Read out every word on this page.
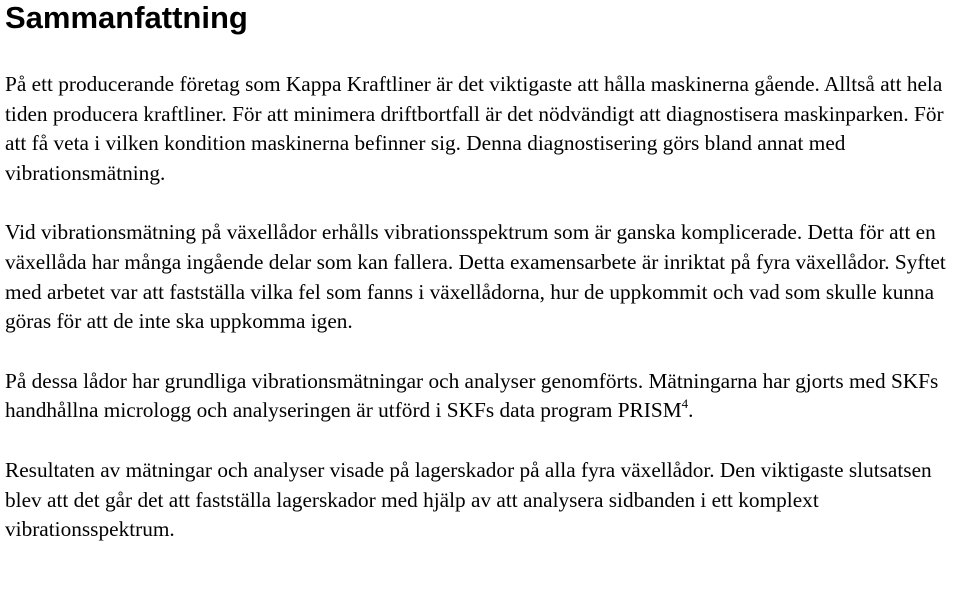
Sammanfattning

På ett producerande företag som Kappa Kraftliner är det viktigaste att hålla maskinerna gående. Alltså att hela tiden producera kraftliner. För att minimera driftbortfall är det nödvändigt att diagnostisera maskinparken. För att få veta i vilken kondition maskinerna befinner sig. Denna diagnostisering görs bland annat med vibrationsmätning.

Vid vibrationsmätning på växellådor erhålls vibrationsspektrum som är ganska komplicerade. Detta för att en växellåda har många ingående delar som kan fallera. Detta examensarbete är inriktat på fyra växellådor. Syftet med arbetet var att fastställa vilka fel som fanns i växellådorna, hur de uppkommit och vad som skulle kunna göras för att de inte ska uppkomma igen.

På dessa lådor har grundliga vibrationsmätningar och analyser genomförts. Mätningarna har gjorts med SKFs handhållna micrologg och analyseringen är utförd i SKFs data program PRISM$^4$.

Resultaten av mätningar och analyser visade på lagerskador på alla fyra växellådor. Den viktigaste slutsatsen blev att det går det att fastställa lagerskador med hjälp av att analysera sidbanden i ett komplext vibrationsspektrum.
